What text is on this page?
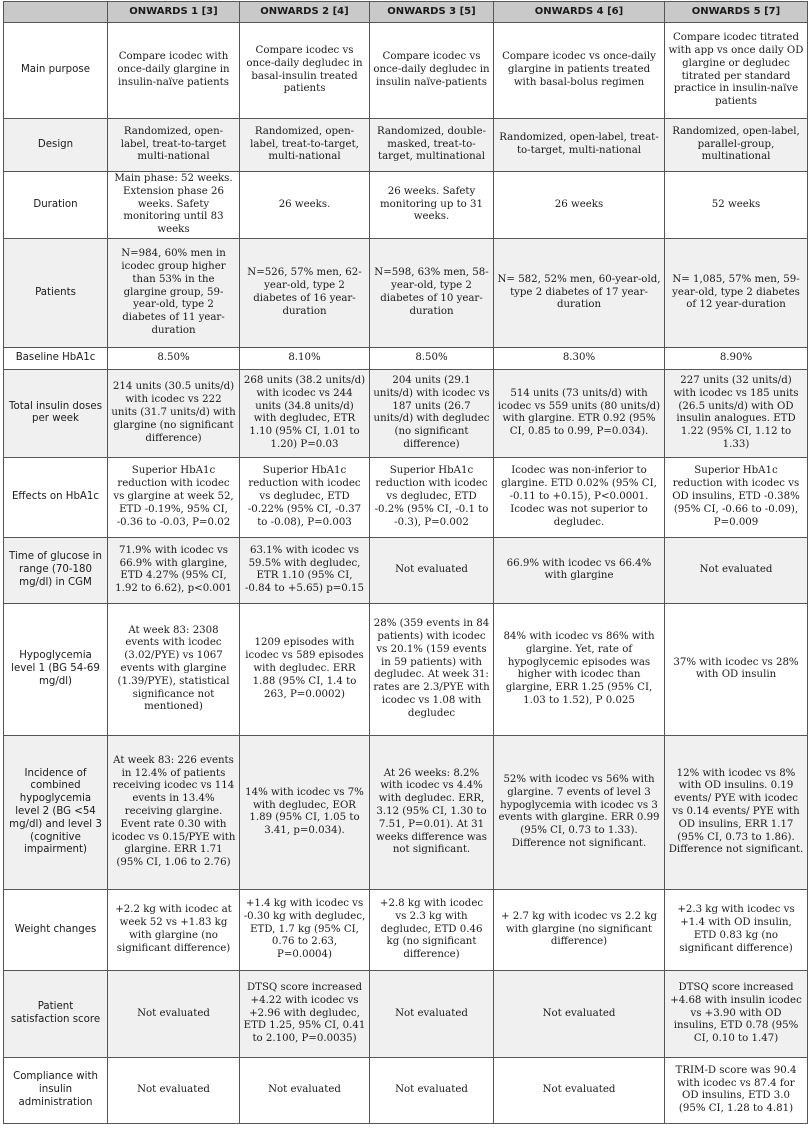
	ONWARDS 1 [3]	ONWARDS 2 [4]	ONWARDS 3 [5]	ONWARDS 4 [6]	ONWARDS 5 [7]
Main purpose	Compare icodec with once-daily glargine in insulin-naïve patients	Compare icodec vs once-daily degludec in basal-insulin treated patients	Compare icodec vs once-daily degludec in insulin naïve-patients	Compare icodec vs once-daily glargine in patients treated with basal-bolus regimen	Compare icodec titrated with app vs once daily OD glargine or degludec titrated per standard practice in insulin-naïve patients
Design	Randomized, open-label, treat-to-target multi-national	Randomized, open-label, treat-to-target, multi-national	Randomized, double-masked, treat-to-target, multinational	Randomized, open-label, treat-to-target, multi-national	Randomized, open-label, parallel-group, multinational
Duration	Main phase: 52 weeks. Extension phase 26 weeks. Safety monitoring until 83 weeks	26 weeks.	26 weeks. Safety monitoring up to 31 weeks.	26 weeks	52 weeks
Patients	N=984, 60% men in icodec group higher than 53% in the glargine group, 59-year-old, type 2 diabetes of 11 year-duration	N=526, 57% men, 62-year-old, type 2 diabetes of 16 year-duration	N=598, 63% men, 58-year-old, type 2 diabetes of 10 year-duration	N= 582, 52% men, 60-year-old, type 2 diabetes of 17 year-duration	N= 1,085, 57% men, 59-year-old, type 2 diabetes of 12 year-duration
Baseline HbA1c	8.50%	8.10%	8.50%	8.30%	8.90%
Total insulin doses per week	214 units (30.5 units/d) with icodec vs 222 units (31.7 units/d) with glargine (no significant difference)	268 units (38.2 units/d) with icodec vs 244 units (34.8 units/d) with degludec, ETR 1.10 (95% CI, 1.01 to 1.20) P=0.03	204 units (29.1 units/d) with icodec vs 187 units (26.7 units/d) with degludec (no significant difference)	514 units (73 units/d) with icodec vs 559 units (80 units/d) with glargine. ETR 0.92 (95% CI, 0.85 to 0.99, P=0.034).	227 units (32 units/d) with icodec vs 185 units (26.5 units/d) with OD insulin analogues. ETD 1.22 (95% CI, 1.12 to 1.33)
Effects on HbA1c	Superior HbA1c reduction with icodec vs glargine at week 52, ETD -0.19%, 95% CI, -0.36 to -0.03, P=0.02	Superior HbA1c reduction with icodec vs degludec, ETD -0.22% (95% CI, -0.37 to -0.08), P=0.003	Superior HbA1c reduction with icodec vs degludec, ETD -0.2% (95% CI, -0.1 to -0.3), P=0.002	Icodec was non-inferior to glargine. ETD 0.02% (95% CI, -0.11 to +0.15), P<0.0001. Icodec was not superior to degludec.	Superior HbA1c reduction with icodec vs OD insulins, ETD -0.38% (95% CI, -0.66 to -0.09), P=0.009
Time of glucose in range (70-180 mg/dl) in CGM	71.9% with icodec vs 66.9% with glargine, ETD 4.27% (95% CI, 1.92 to 6.62), p<0.001	63.1% with icodec vs 59.5% with degludec, ETR 1.10 (95% CI, -0.84 to +5.65) p=0.15	Not evaluated	66.9% with icodec vs 66.4% with glargine	Not evaluated
Hypoglycemia level 1 (BG 54-69 mg/dl)	At week 83: 2308 events with icodec (3.02/PYE) vs 1067 events with glargine (1.39/PYE), statistical significance not mentioned)	1209 episodes with icodec vs 589 episodes with degludec. ERR 1.88 (95% CI, 1.4 to 263, P=0.0002)	28% (359 events in 84 patients) with icodec vs 20.1% (159 events in 59 patients) with degludec. At week 31: rates are 2.3/PYE with icodec vs 1.08 with degludec	84% with icodec vs 86% with glargine. Yet, rate of hypoglycemic episodes was higher with icodec than glargine, ERR 1.25 (95% CI, 1.03 to 1.52), P 0.025	37% with icodec vs 28% with OD insulin
Incidence of combined hypoglycemia level 2 (BG <54 mg/dl) and level 3 (cognitive impairment)	At week 83: 226 events in 12.4% of patients receiving icodec vs 114 events in 13.4% receiving glargine. Event rate 0.30 with icodec vs 0.15/PYE with glargine. ERR 1.71 (95% CI, 1.06 to 2.76)	14% with icodec vs 7% with degludec, EOR 1.89 (95% CI, 1.05 to 3.41, p=0.034).	At 26 weeks: 8.2% with icodec vs 4.4% with degludec. ERR, 3.12 (95% CI, 1.30 to 7.51, P=0.01). At 31 weeks difference was not significant.	52% with icodec vs 56% with glargine. 7 events of level 3 hypoglycemia with icodec vs 3 events with glargine. ERR 0.99 (95% CI, 0.73 to 1.33). Difference not significant.	12% with icodec vs 8% with OD insulins. 0.19 events/ PYE with icodec vs 0.14 events/ PYE with OD insulins, ERR 1.17 (95% CI, 0.73 to 1.86). Difference not significant.
Weight changes	+2.2 kg with icodec at week 52 vs +1.83 kg with glargine (no significant difference)	+1.4 kg with icodec vs -0.30 kg with degludec, ETD, 1.7 kg (95% CI, 0.76 to 2.63, P=0.0004)	+2.8 kg with icodec vs 2.3 kg with degludec, ETD 0.46 kg (no significant difference)	+ 2.7 kg with icodec vs 2.2 kg with glargine (no significant difference)	+2.3 kg with icodec vs +1.4 with OD insulin, ETD 0.83 kg (no significant difference)
Patient satisfaction score	Not evaluated	DTSQ score increased +4.22 with icodec vs +2.96 with degludec, ETD 1.25, 95% CI, 0.41 to 2.100, P=0.0035)	Not evaluated	Not evaluated	DTSQ score increased +4.68 with insulin icodec vs +3.90 with OD insulins, ETD 0.78 (95% CI, 0.10 to 1.47)
Compliance with insulin administration	Not evaluated	Not evaluated	Not evaluated	Not evaluated	TRIM-D score was 90.4 with icodec vs 87.4 for OD insulins, ETD 3.0 (95% CI, 1.28 to 4.81)
